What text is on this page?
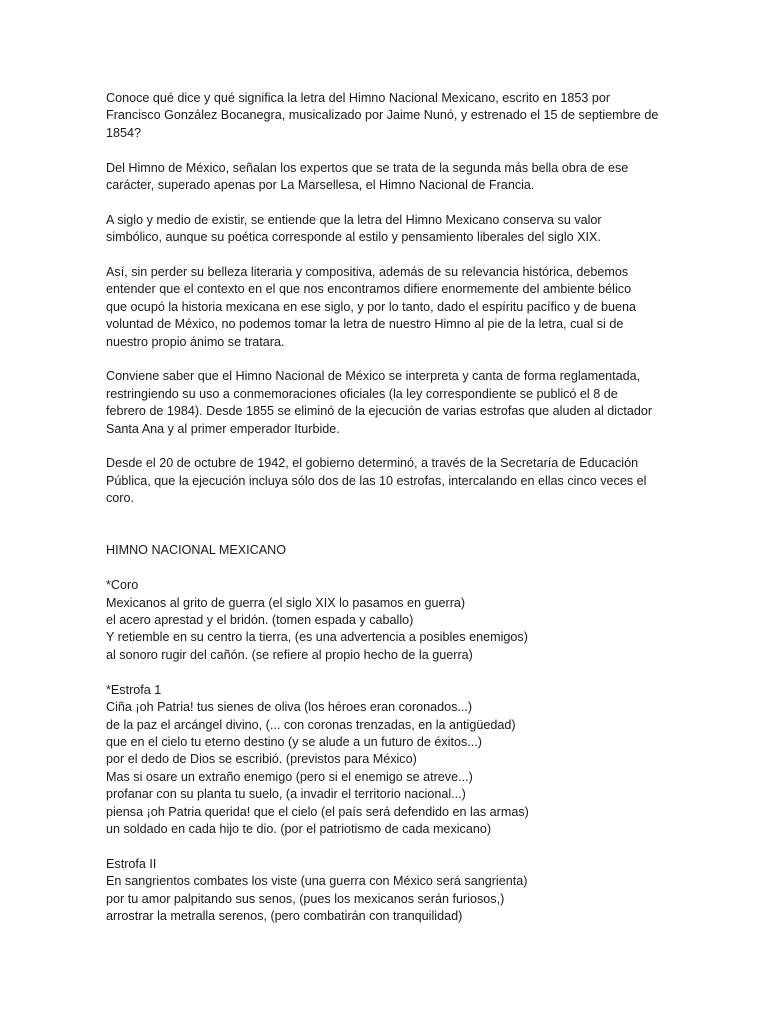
Conoce qué dice y qué significa la letra del Himno Nacional Mexicano, escrito en 1853 por
Francisco González Bocanegra, musicalizado por Jaime Nunó, y estrenado el 15 de septiembre de
1854?
Del Himno de México, señalan los expertos que se trata de la segunda más bella obra de ese
carácter, superado apenas por La Marsellesa, el Himno Nacional de Francia.
A siglo y medio de existir, se entiende que la letra del Himno Mexicano conserva su valor
simbólico, aunque su poética corresponde al estilo y pensamiento liberales del siglo XIX.
Así, sin perder su belleza literaria y compositiva, además de su relevancia histórica, debemos
entender que el contexto en el que nos encontramos difiere enormemente del ambiente bélico
que ocupó la historia mexicana en ese siglo, y por lo tanto, dado el espíritu pacífico y de buena
voluntad de México, no podemos tomar la letra de nuestro Himno al pie de la letra, cual si de
nuestro propio ánimo se tratara.
Conviene saber que el Himno Nacional de México se interpreta y canta de forma reglamentada,
restringiendo su uso a conmemoraciones oficiales (la ley correspondiente se publicó el 8 de
febrero de 1984). Desde 1855 se eliminó de la ejecución de varias estrofas que aluden al dictador
Santa Ana y al primer emperador Iturbide.
Desde el 20 de octubre de 1942, el gobierno determinó, a través de la Secretaría de Educación
Pública, que la ejecución incluya sólo dos de las 10 estrofas, intercalando en ellas cinco veces el
coro.
HIMNO NACIONAL MEXICANO
*Coro
Mexicanos al grito de guerra (el siglo XIX lo pasamos en guerra)
el acero aprestad y el bridón. (tomen espada y caballo)
Y retiemble en su centro la tierra, (es una advertencia a posibles enemigos)
al sonoro rugir del cañón. (se refiere al propio hecho de la guerra)
*Estrofa 1
Ciña ¡oh Patria! tus sienes de oliva (los héroes eran coronados...)
de la paz el arcángel divino, (... con coronas trenzadas, en la antigüedad)
que en el cielo tu eterno destino (y se alude a un futuro de éxitos...)
por el dedo de Dios se escribió. (previstos para México)
Mas si osare un extraño enemigo (pero si el enemigo se atreve...)
profanar con su planta tu suelo, (a invadir el territorio nacional...)
piensa ¡oh Patria querida! que el cielo (el país será defendido en las armas)
un soldado en cada hijo te dio. (por el patriotismo de cada mexicano)
Estrofa II
En sangrientos combates los viste (una guerra con México será sangrienta)
por tu amor palpitando sus senos, (pues los mexicanos serán furiosos,)
arrostrar la metralla serenos, (pero combatirán con tranquilidad)
